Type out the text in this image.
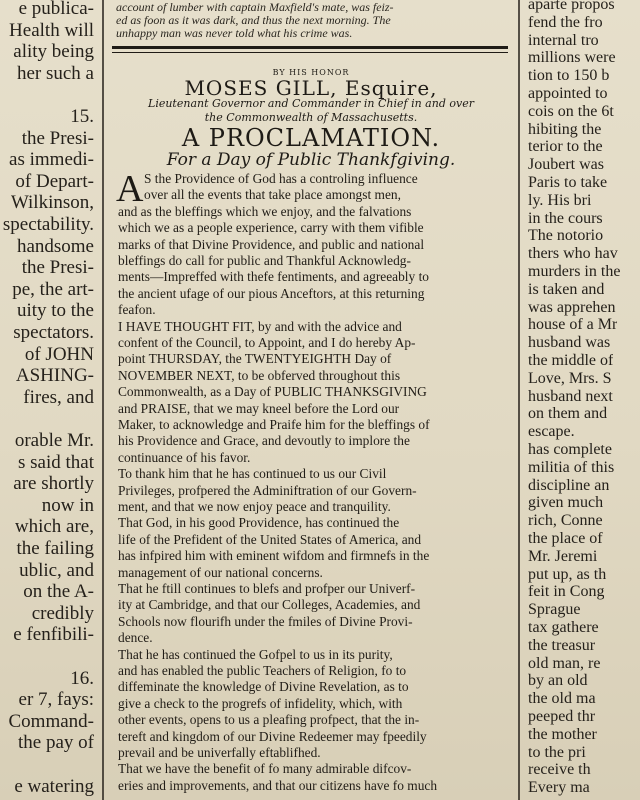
e publica-
Health will
ality being
her such a
15.
the Presi-
as immedi-
of Depart-
Wilkinson,
spectability.
handsome
the Presi-
pe, the art-
uity to the
spectators.
of JOHN
ASHING-
fires, and
orable Mr.
s said that
are shortly
now in
which are,
the failing
ublic, and
on the A-
credibly
e fenfibili-
16.
er 7, fays:
Command-
the pay of
e watering
account of lumber with captain Maxfield's mate, was feiz-
ed as foon as it was dark, and thus the next morning. The
unhappy man was never told what his crime was.
BY HIS HONOR
MOSES GILL, Esquire,
Lieutenant Governor and Commander in Chief in and over the Commonwealth of Massachusetts.
A PROCLAMATION.
For a Day of Public Thankfgiving.
A S the Providence of God has a controling influence
over all the events that take place amongst men,
and as the bleffings which we enjoy, and the falvations
which we as a people experience, carry with them vifible
marks of that Divine Providence, and public and national
bleffings do call for public and Thankful Acknowledg-
ments—Impreffed with thefe fentiments, and agreeably to
the ancient ufage of our pious Anceftors, at this returning
feafon.
I HAVE THOUGHT FIT, by and with the advice and
confent of the Council, to Appoint, and I do hereby Ap-
point THURSDAY, the TWENTYEIGHTH Day of
NOVEMBER NEXT, to be obferved throughout this
Commonwealth, as a Day of PUBLIC THANKSGIVING
and PRAISE, that we may kneel before the Lord our
Maker, to acknowledge and Praife him for the bleffings of
his Providence and Grace, and devoutly to implore the
continuance of his favor.
To thank him that he has continued to us our Civil
Privileges, profpered the Adminiftration of our Govern-
ment, and that we now enjoy peace and tranquility.
That God, in his good Providence, has continued the
life of the Prefident of the United States of America, and
has infpired him with eminent wifdom and firmnefs in the
management of our national concerns.
That he ftill continues to blefs and profper our Univerf-
ity at Cambridge, and that our Colleges, Academies, and
Schools now flourifh under the fmiles of Divine Provi-
dence.
That he has continued the Gofpel to us in its purity,
and has enabled the public Teachers of Religion, fo to
diffeminate the knowledge of Divine Revelation, as to
give a check to the progrefs of infidelity, which, with
other events, opens to us a pleafing profpect, that the in-
tereft and kingdom of our Divine Redeemer may fpeedily
prevail and be univerfally eftablifhed.
That we have the benefit of fo many admirable difcov-
eries and improvements, and that our citizens have fo much
aparte propos
fend the fro
internal tro
millions were
tion to 150 b
appointed to
cois on the 6t
hibiting the
terior to the
Joubert was
Paris to take
ly. His bri
in the cours
The notorio
thers who hav
murders in the
is taken and
was apprehen
house of a Mr
husband was
the middle of
Love, Mrs. S
husband next
on them and
escape.
has complete
militia of this
discipline an
given much
rich, Conne
the place of
Mr. Jeremi
put up, as th
feit in Cong
Sprague
tax gathere
the treasur
old man, re
by an old
the old ma
peeped thr
the mother
to the pri
receive th
Every ma
